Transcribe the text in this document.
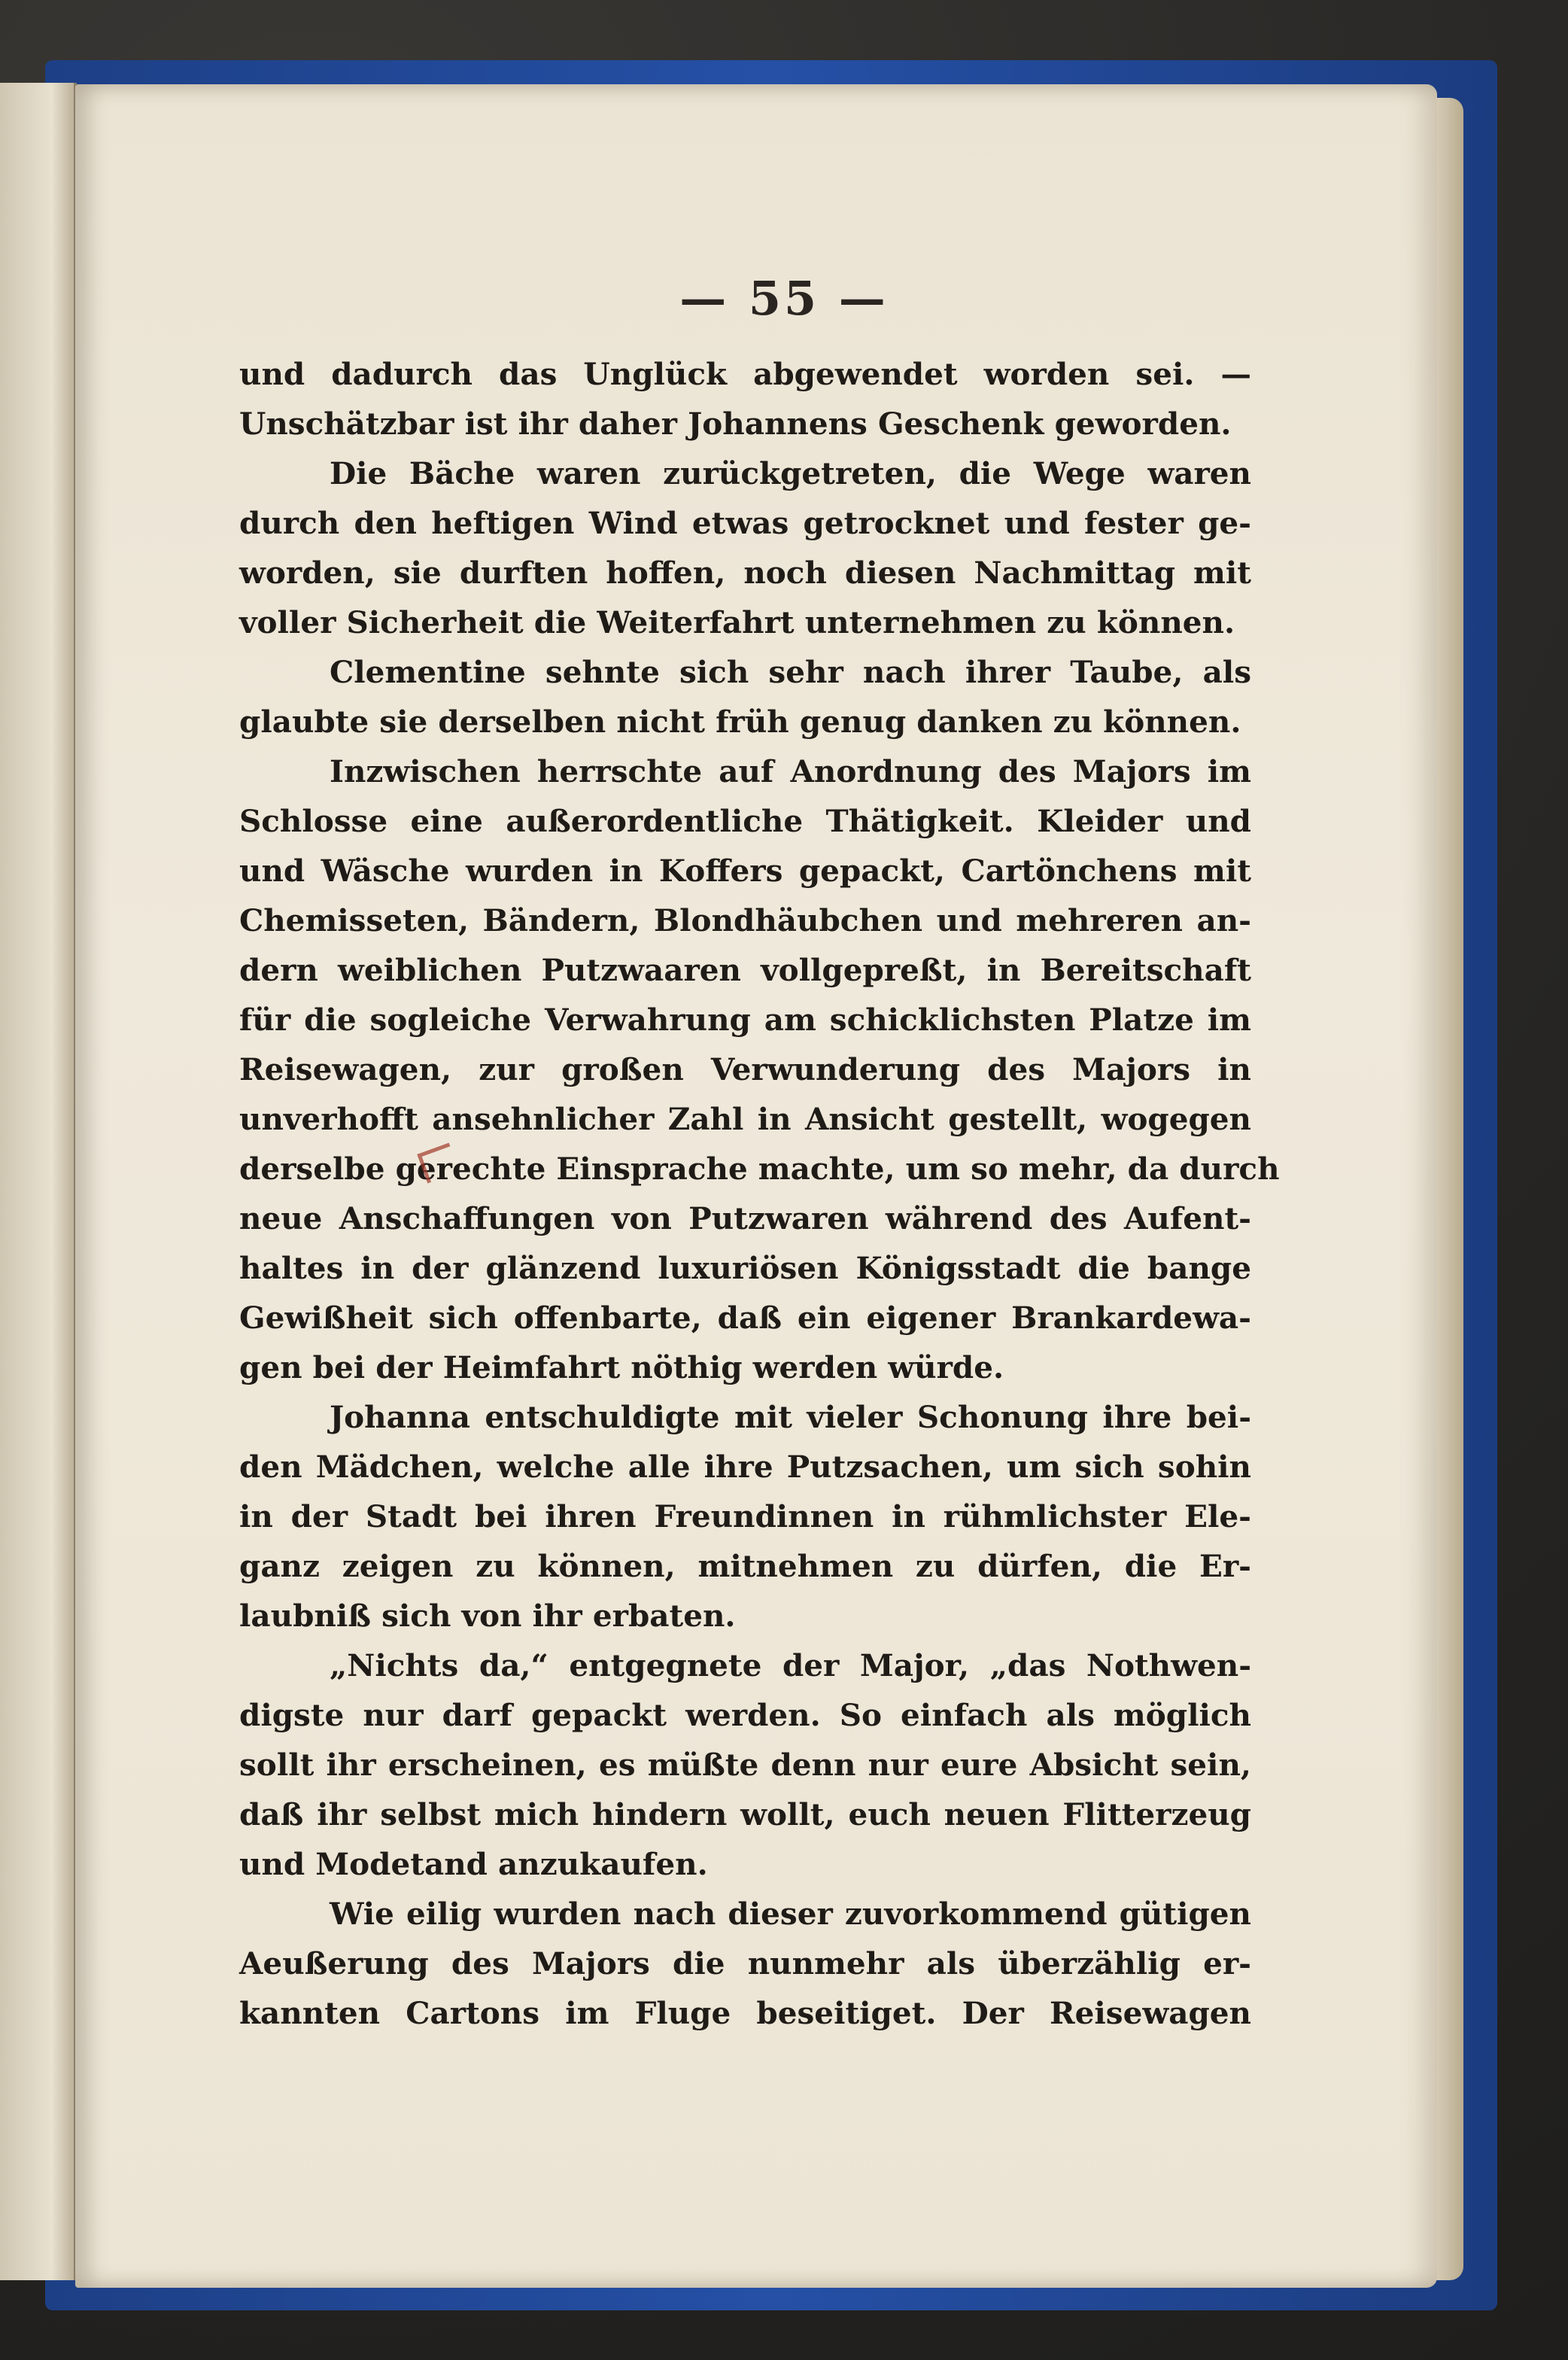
— 55 —
und dadurch das Unglück abgewendet worden sei. —
Unschätzbar ist ihr daher Johannens Geschenk geworden.
Die Bäche waren zurückgetreten, die Wege waren
durch den heftigen Wind etwas getrocknet und fester ge-
worden, sie durften hoffen, noch diesen Nachmittag mit
voller Sicherheit die Weiterfahrt unternehmen zu können.
Clementine sehnte sich sehr nach ihrer Taube, als
glaubte sie derselben nicht früh genug danken zu können.
Inzwischen herrschte auf Anordnung des Majors im
Schlosse eine außerordentliche Thätigkeit. Kleider und
und Wäsche wurden in Koffers gepackt, Cartönchens mit
Chemisseten, Bändern, Blondhäubchen und mehreren an-
dern weiblichen Putzwaaren vollgepreßt, in Bereitschaft
für die sogleiche Verwahrung am schicklichsten Platze im
Reisewagen, zur großen Verwunderung des Majors in
unverhofft ansehnlicher Zahl in Ansicht gestellt, wogegen
derselbe gerechte Einsprache machte, um so mehr, da durch
neue Anschaffungen von Putzwaren während des Aufent-
haltes in der glänzend luxuriösen Königsstadt die bange
Gewißheit sich offenbarte, daß ein eigener Brankardewa-
gen bei der Heimfahrt nöthig werden würde.
Johanna entschuldigte mit vieler Schonung ihre bei-
den Mädchen, welche alle ihre Putzsachen, um sich sohin
in der Stadt bei ihren Freundinnen in rühmlichster Ele-
ganz zeigen zu können, mitnehmen zu dürfen, die Er-
laubniß sich von ihr erbaten.
„Nichts da,“ entgegnete der Major, „das Nothwen-
digste nur darf gepackt werden. So einfach als möglich
sollt ihr erscheinen, es müßte denn nur eure Absicht sein,
daß ihr selbst mich hindern wollt, euch neuen Flitterzeug
und Modetand anzukaufen.
Wie eilig wurden nach dieser zuvorkommend gütigen
Aeußerung des Majors die nunmehr als überzählig er-
kannten Cartons im Fluge beseitiget. Der Reisewagen
